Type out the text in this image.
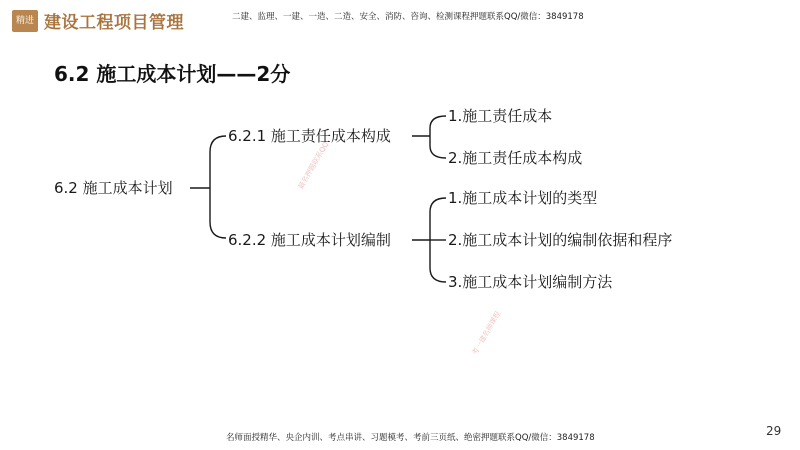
精进 建设工程项目管理	二建、监理、一建、一造、二造、安全、消防、咨询、检测课程押题联系QQ/微信：3849178
6.2 施工成本计划——2分
6.2 施工成本计划
6.2.1 施工责任成本构成
1.施工责任成本
2.施工责任成本构成
6.2.2 施工成本计划编制
1.施工成本计划的类型
2.施工成本计划的编制依据和程序
3.施工成本计划编制方法
最名押题联系QQ
考一建名师课程
名师面授精华、央企内训、考点串讲、习题模考、考前三页纸、绝密押题联系QQ/微信：3849178	29
